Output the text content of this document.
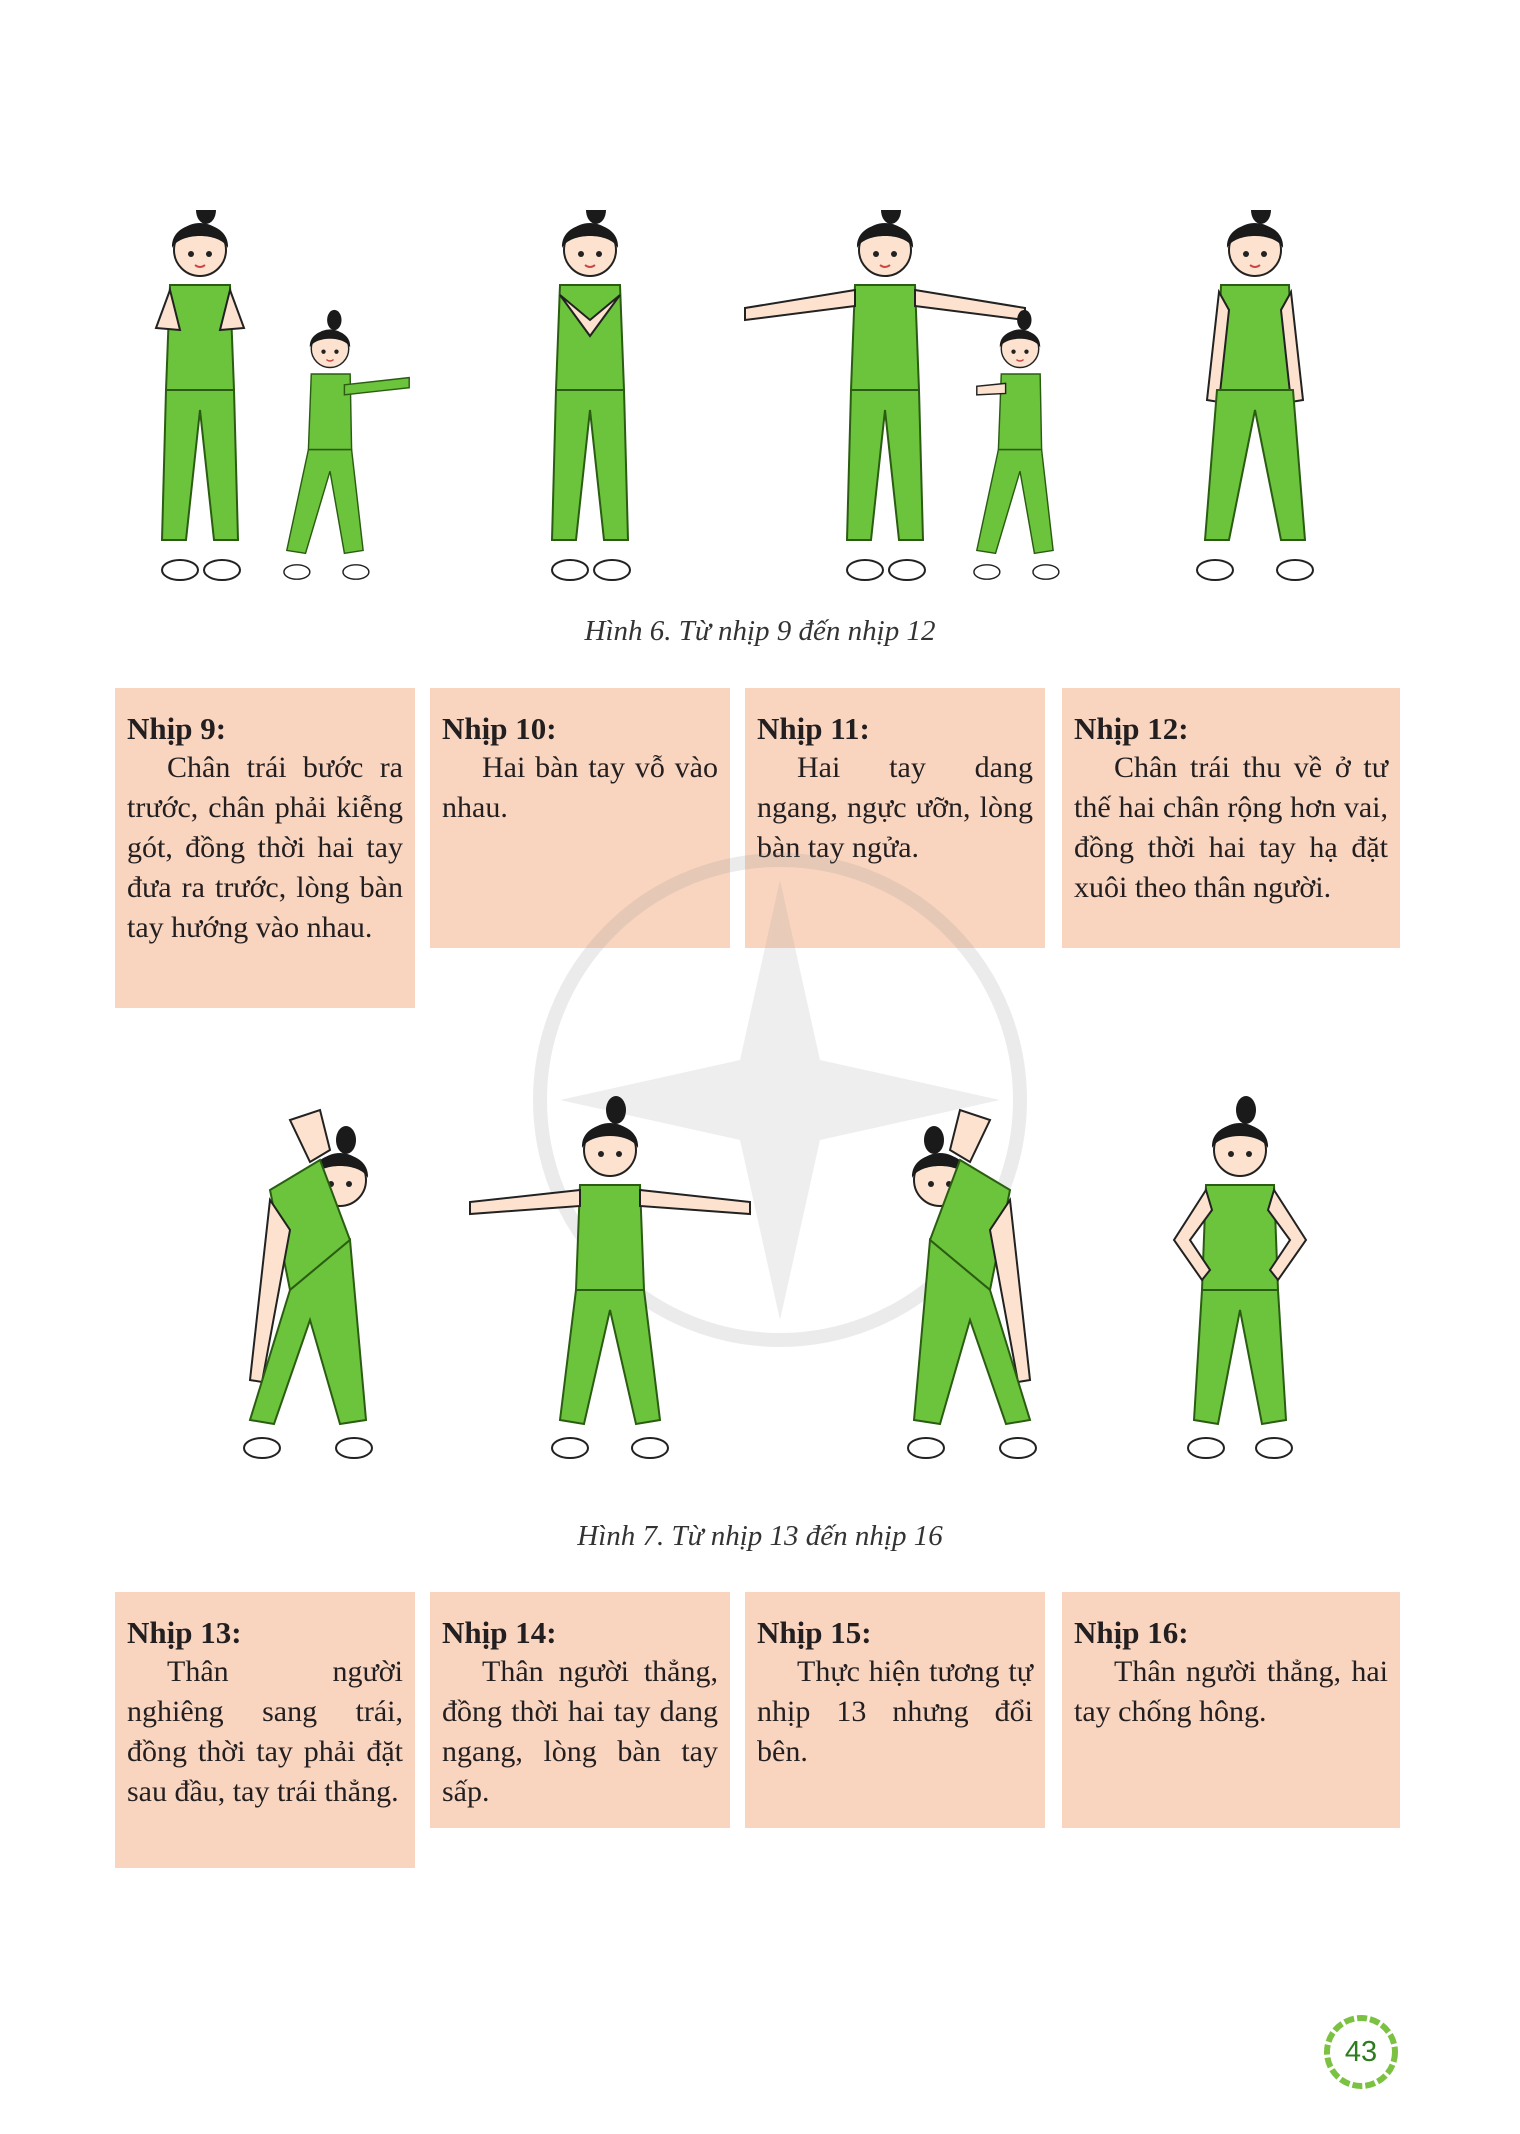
Hình 6. Từ nhịp 9 đến nhịp 12
Nhịp 9:
Chân trái bước ra trước, chân phải kiễng gót, đồng thời hai tay đưa ra trước, lòng bàn tay hướng vào nhau.
Nhịp 10:
Hai bàn tay vỗ vào nhau.
Nhịp 11:
Hai tay dang ngang, ngực ưỡn, lòng bàn tay ngửa.
Nhịp 12:
Chân trái thu về ở tư thế hai chân rộng hơn vai, đồng thời hai tay hạ đặt xuôi theo thân người.
Hình 7. Từ nhịp 13 đến nhịp 16
Nhịp 13:
Thân người nghiêng sang trái, đồng thời tay phải đặt sau đầu, tay trái thẳng.
Nhịp 14:
Thân người thẳng, đồng thời hai tay dang ngang, lòng bàn tay sấp.
Nhịp 15:
Thực hiện tương tự nhịp 13 nhưng đổi bên.
Nhịp 16:
Thân người thẳng, hai tay chống hông.
43
